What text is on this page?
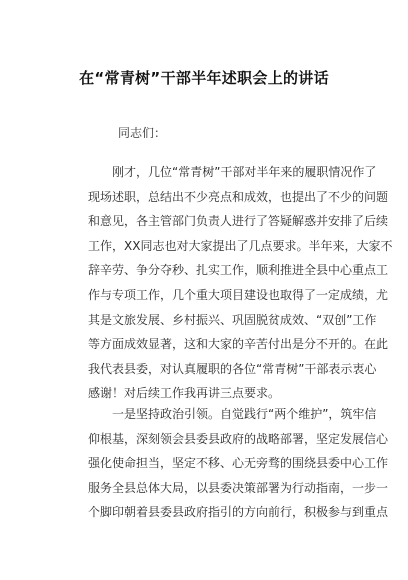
在“常青树”干部半年述职会上的讲话
同志们：
　　刚才，几位“常青树”干部对半年来的履职情况作了
现场述职，总结出不少亮点和成效，也提出了不少的问题
和意见，各主管部门负责人进行了答疑解惑并安排了后续
工作，XX同志也对大家提出了几点要求。半年来，大家不
辞辛劳、争分夺秒、扎实工作，顺利推进全县中心重点工
作与专项工作，几个重大项目建设也取得了一定成绩，尤
其是文旅发展、乡村振兴、巩固脱贫成效、“双创”工作
等方面成效显著，这和大家的辛苦付出是分不开的。在此
我代表县委，对认真履职的各位“常青树”干部表示衷心
感谢！对后续工作我再讲三点要求。
　　一是坚持政治引领。自觉践行“两个维护”，筑牢信
仰根基，深刻领会县委县政府的战略部署，坚定发展信心
强化使命担当，坚定不移、心无旁骛的围绕县委中心工作
服务全县总体大局，以县委决策部署为行动指南，一步一
个脚印朝着县委县政府指引的方向前行，积极参与到重点
